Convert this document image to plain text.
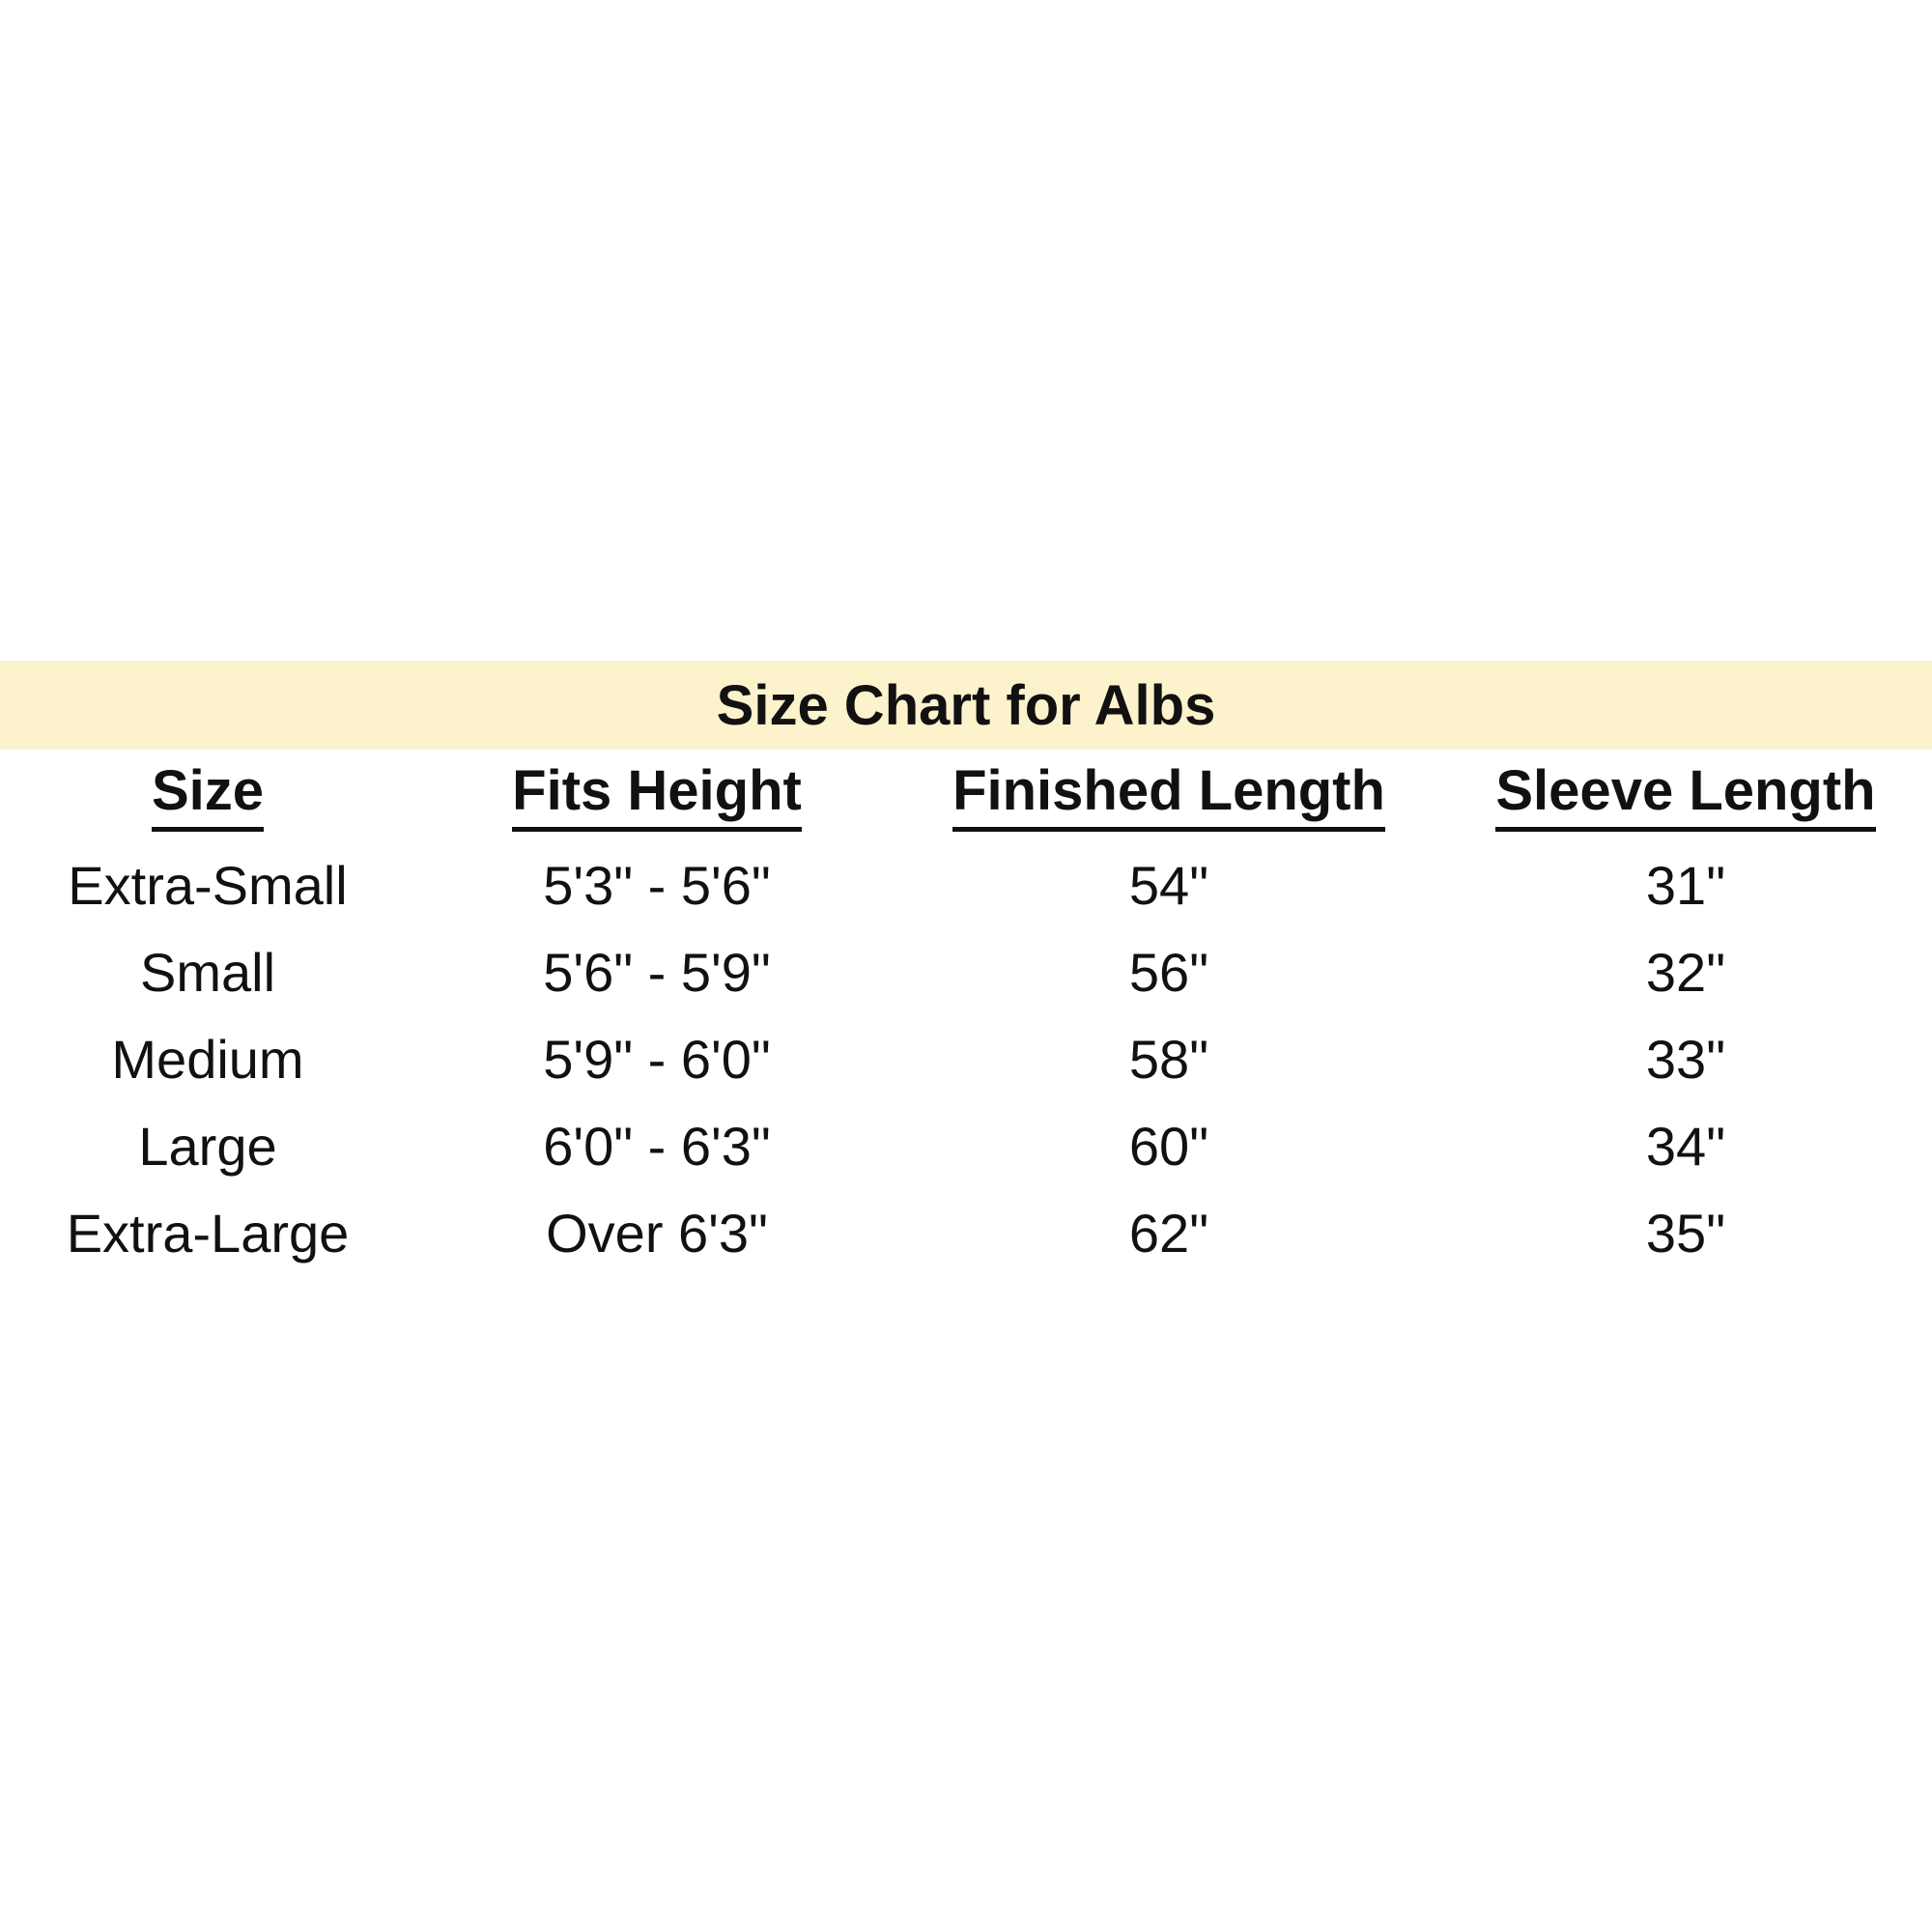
Size Chart for Albs
Size	Fits Height	Finished Length	Sleeve Length
Extra-Small	5'3" - 5'6"	54"	31"
Small	5'6" - 5'9"	56"	32"
Medium	5'9" - 6'0"	58"	33"
Large	6'0" - 6'3"	60"	34"
Extra-Large	Over 6'3"	62"	35"
